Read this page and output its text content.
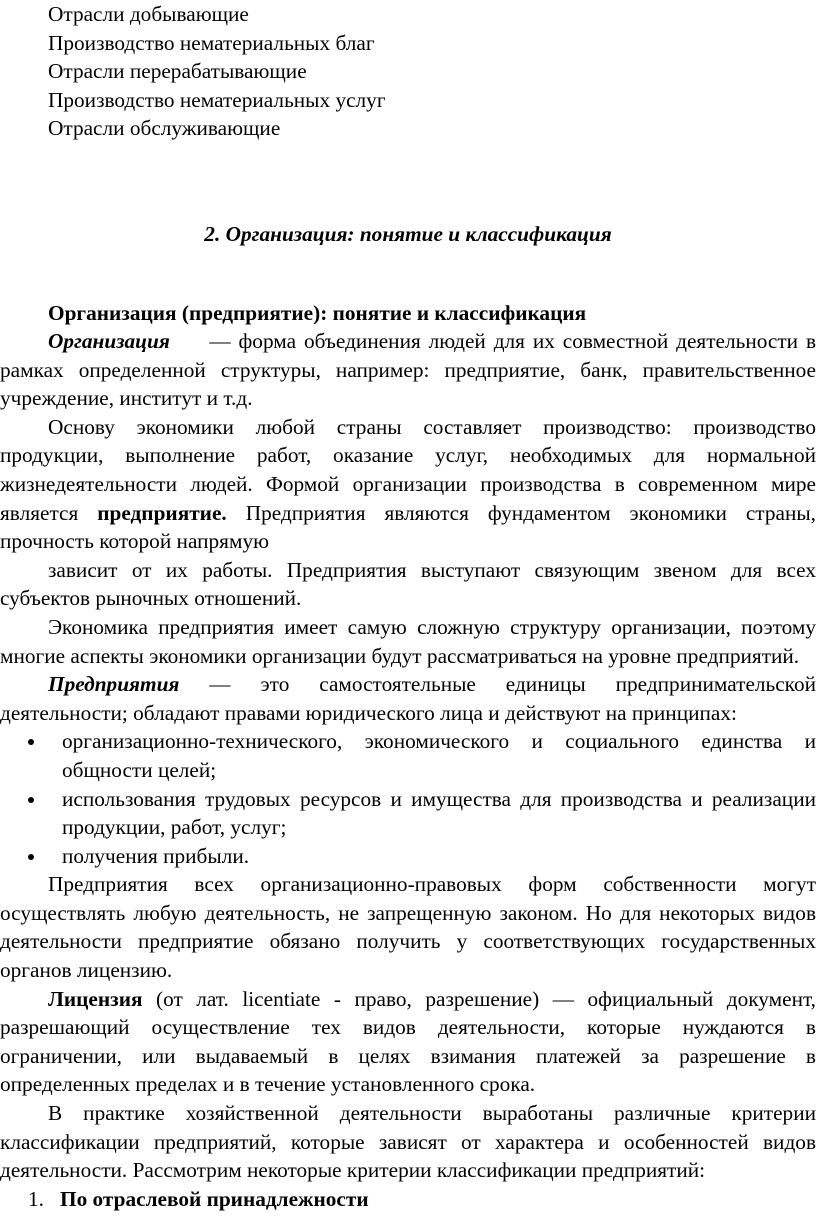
Отрасли добывающие
Производство нематериальных благ
Отрасли перерабатывающие
Производство нематериальных услуг
Отрасли обслуживающие
2. Организация: понятие и классификация
Организация (предприятие): понятие и классификация

Организация — форма объединения людей для их совместной деятельности в рамках определенной структуры, например: предприятие, банк, правительственное учреждение, институт и т.д.

Основу экономики любой страны составляет производство: производство продукции, выполнение работ, оказание услуг, необходимых для нормальной жизнедеятельности людей. Формой организации производства в современном мире является предприятие. Предприятия являются фундаментом экономики страны, прочность которой напрямую

зависит от их работы. Предприятия выступают связующим звеном для всех субъектов рыночных отношений.

Экономика предприятия имеет самую сложную структуру организации, поэтому многие аспекты экономики организации будут рассматриваться на уровне предприятий.

Предприятия — это самостоятельные единицы предпринимательской деятельности; обладают правами юридического лица и действуют на принципах:

организационно-технического, экономического и социального единства и общности целей;
использования трудовых ресурсов и имущества для производства и реализации продукции, работ, услуг;
получения прибыли.

Предприятия всех организационно-правовых форм собственности могут осуществлять любую деятельность, не запрещенную законом. Но для некоторых видов деятельности предприятие обязано получить у соответствующих государственных органов лицензию.

Лицензия (от лат. licentiate - право, разрешение) — официальный документ, разрешающий осуществление тех видов деятельности, которые нуждаются в ограничении, или выдаваемый в целях взимания платежей за разрешение в определенных пределах и в течение установленного срока.

В практике хозяйственной деятельности выработаны различные критерии классификации предприятий, которые зависят от характера и особенностей видов деятельности. Рассмотрим некоторые критерии классификации предприятий:

1. По отраслевой принадлежности
